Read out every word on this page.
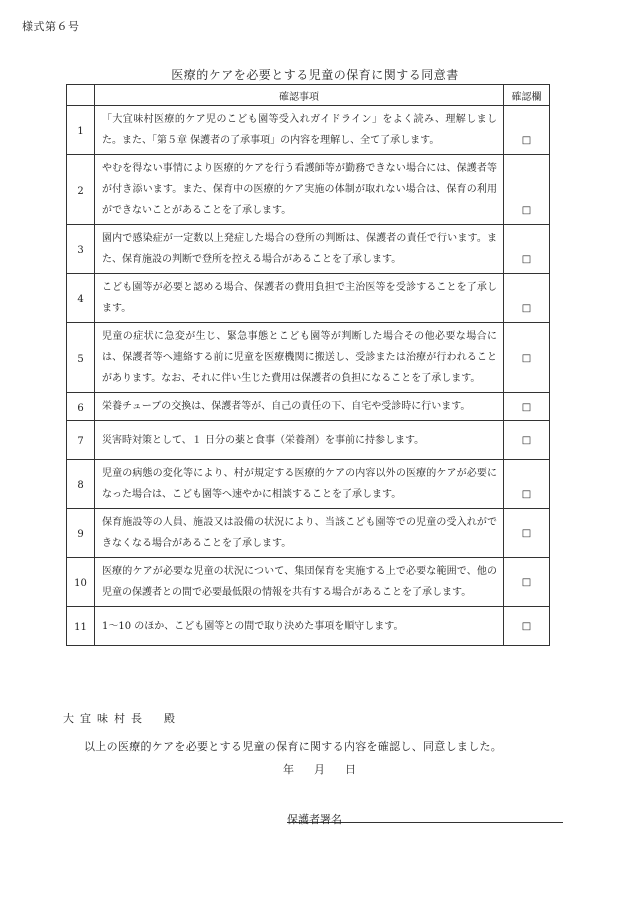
様式第６号
医療的ケアを必要とする児童の保育に関する同意書
	確認事項	確認欄
1	「大宜味村医療的ケア児のこども園等受入れガイドライン」をよく読み、理解しました。また、「第５章 保護者の了承事項」の内容を理解し、全て了承します。	□
2	やむを得ない事情により医療的ケアを行う看護師等が勤務できない場合には、保護者等が付き添います。また、保育中の医療的ケア実施の体制が取れない場合は、保育の利用ができないことがあることを了承します。	□
3	園内で感染症が一定数以上発症した場合の登所の判断は、保護者の責任で行います。また、保育施設の判断で登所を控える場合があることを了承します。	□
4	こども園等が必要と認める場合、保護者の費用負担で主治医等を受診することを了承します。	□
5	児童の症状に急変が生じ、緊急事態とこども園等が判断した場合その他必要な場合には、保護者等へ連絡する前に児童を医療機関に搬送し、受診または治療が行われることがあります。なお、それに伴い生じた費用は保護者の負担になることを了承します。	□
6	栄養チューブの交換は、保護者等が、自己の責任の下、自宅や受診時に行います。	□
7	災害時対策として、１ 日分の薬と食事（栄養剤）を事前に持参します。	□
8	児童の病態の変化等により、村が規定する医療的ケアの内容以外の医療的ケアが必要になった場合は、こども園等へ速やかに相談することを了承します。	□
9	保育施設等の人員、施設又は設備の状況により、当該こども園等での児童の受入れができなくなる場合があることを了承します。	□
10	医療的ケアが必要な児童の状況について、集団保育を実施する上で必要な範囲で、他の児童の保護者との間で必要最低限の情報を共有する場合があることを了承します。	□
11	1～10 のほか、こども園等との間で取り決めた事項を順守します。	□
大宜味村長 殿
以上の医療的ケアを必要とする児童の保育に関する内容を確認し、同意しました。
年 月 日
保護者署名
